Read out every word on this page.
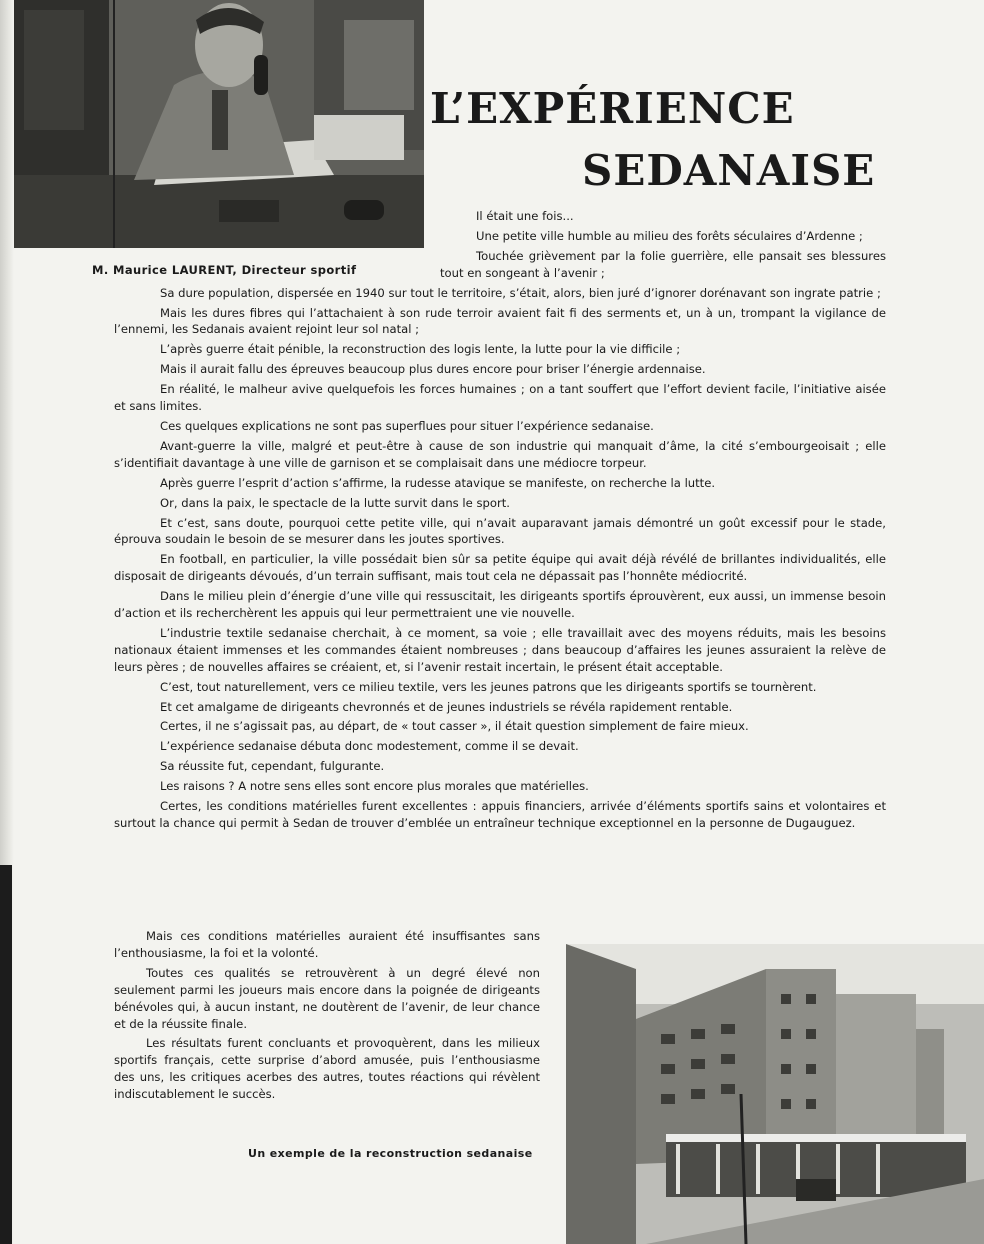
M. Maurice LAURENT, Directeur sportif

L’EXPÉRIENCE
SEDANAISE

Il était une fois...

Une petite ville humble au milieu des forêts séculaires d’Ardenne ;

Touchée grièvement par la folie guerrière, elle pansait ses blessures tout en songeant à l’avenir ;

Sa dure population, dispersée en 1940 sur tout le territoire, s’était, alors, bien juré d’ignorer dorénavant son ingrate patrie ;

Mais les dures fibres qui l’attachaient à son rude terroir avaient fait fi des serments et, un à un, trompant la vigilance de l’ennemi, les Sedanais avaient rejoint leur sol natal ;

L’après guerre était pénible, la reconstruction des logis lente, la lutte pour la vie difficile ;

Mais il aurait fallu des épreuves beaucoup plus dures encore pour briser l’énergie ardennaise.

En réalité, le malheur avive quelquefois les forces humaines ; on a tant souffert que l’effort devient facile, l’initiative aisée et sans limites.

Ces quelques explications ne sont pas superflues pour situer l’expérience sedanaise.

Avant-guerre la ville, malgré et peut-être à cause de son industrie qui manquait d’âme, la cité s’embourgeoisait ; elle s’identifiait davantage à une ville de garnison et se complaisait dans une médiocre torpeur.

Après guerre l’esprit d’action s’affirme, la rudesse atavique se manifeste, on recherche la lutte.

Or, dans la paix, le spectacle de la lutte survit dans le sport.

Et c’est, sans doute, pourquoi cette petite ville, qui n’avait auparavant jamais démontré un goût excessif pour le stade, éprouva soudain le besoin de se mesurer dans les joutes sportives.

En football, en particulier, la ville possédait bien sûr sa petite équipe qui avait déjà révélé de brillantes individualités, elle disposait de dirigeants dévoués, d’un terrain suffisant, mais tout cela ne dépassait pas l’honnête médiocrité.

Dans le milieu plein d’énergie d’une ville qui ressuscitait, les dirigeants sportifs éprouvèrent, eux aussi, un immense besoin d’action et ils recherchèrent les appuis qui leur permettraient une vie nouvelle.

L’industrie textile sedanaise cherchait, à ce moment, sa voie ; elle travaillait avec des moyens réduits, mais les besoins nationaux étaient immenses et les commandes étaient nombreuses ; dans beaucoup d’affaires les jeunes assuraient la relève de leurs pères ; de nouvelles affaires se créaient, et, si l’avenir restait incertain, le présent était acceptable.

C’est, tout naturellement, vers ce milieu textile, vers les jeunes patrons que les dirigeants sportifs se tournèrent.

Et cet amalgame de dirigeants chevronnés et de jeunes industriels se révéla rapidement rentable.

Certes, il ne s’agissait pas, au départ, de « tout casser », il était question simplement de faire mieux.

L’expérience sedanaise débuta donc modestement, comme il se devait.

Sa réussite fut, cependant, fulgurante.

Les raisons ? A notre sens elles sont encore plus morales que matérielles.

Certes, les conditions matérielles furent excellentes : appuis financiers, arrivée d’éléments sportifs sains et volontaires et surtout la chance qui permit à Sedan de trouver d’emblée un entraîneur technique exceptionnel en la personne de Dugauguez.

Mais ces conditions matérielles auraient été insuffisantes sans l’enthousiasme, la foi et la volonté.

Toutes ces qualités se retrouvèrent à un degré élevé non seulement parmi les joueurs mais encore dans la poignée de dirigeants bénévoles qui, à aucun instant, ne doutèrent de l’avenir, de leur chance et de la réussite finale.

Les résultats furent concluants et provoquèrent, dans les milieux sportifs français, cette surprise d’abord amusée, puis l’enthousiasme des uns, les critiques acerbes des autres, toutes réactions qui révèlent indiscutablement le succès.

Un exemple de la reconstruction sedanaise
